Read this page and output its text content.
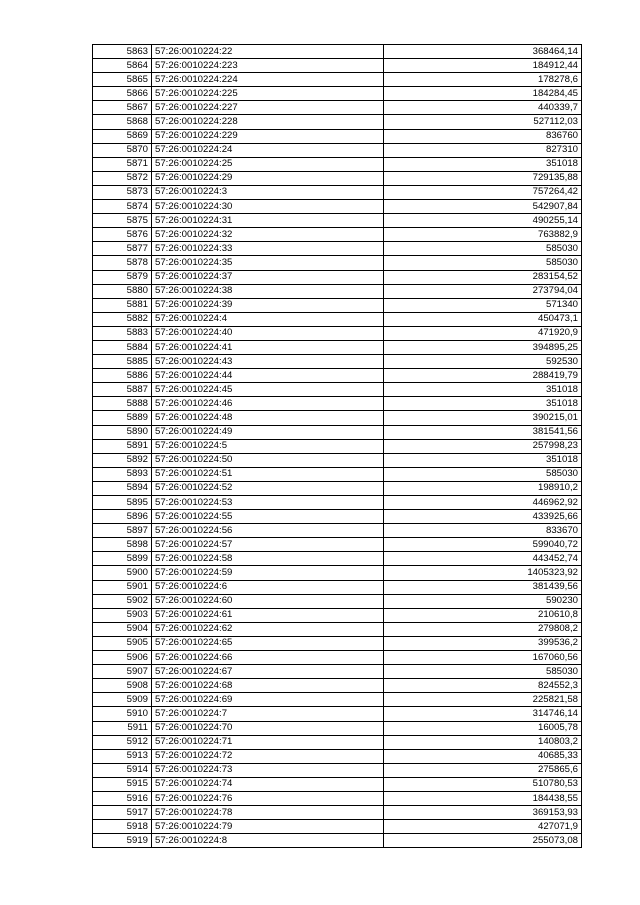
5863	57:26:0010224:22	368464,14
5864	57:26:0010224:223	184912,44
5865	57:26:0010224:224	178278,6
5866	57:26:0010224:225	184284,45
5867	57:26:0010224:227	440339,7
5868	57:26:0010224:228	527112,03
5869	57:26:0010224:229	836760
5870	57:26:0010224:24	827310
5871	57:26:0010224:25	351018
5872	57:26:0010224:29	729135,88
5873	57:26:0010224:3	757264,42
5874	57:26:0010224:30	542907,84
5875	57:26:0010224:31	490255,14
5876	57:26:0010224:32	763882,9
5877	57:26:0010224:33	585030
5878	57:26:0010224:35	585030
5879	57:26:0010224:37	283154,52
5880	57:26:0010224:38	273794,04
5881	57:26:0010224:39	571340
5882	57:26:0010224:4	450473,1
5883	57:26:0010224:40	471920,9
5884	57:26:0010224:41	394895,25
5885	57:26:0010224:43	592530
5886	57:26:0010224:44	288419,79
5887	57:26:0010224:45	351018
5888	57:26:0010224:46	351018
5889	57:26:0010224:48	390215,01
5890	57:26:0010224:49	381541,56
5891	57:26:0010224:5	257998,23
5892	57:26:0010224:50	351018
5893	57:26:0010224:51	585030
5894	57:26:0010224:52	198910,2
5895	57:26:0010224:53	446962,92
5896	57:26:0010224:55	433925,66
5897	57:26:0010224:56	833670
5898	57:26:0010224:57	599040,72
5899	57:26:0010224:58	443452,74
5900	57:26:0010224:59	1405323,92
5901	57:26:0010224:6	381439,56
5902	57:26:0010224:60	590230
5903	57:26:0010224:61	210610,8
5904	57:26:0010224:62	279808,2
5905	57:26:0010224:65	399536,2
5906	57:26:0010224:66	167060,56
5907	57:26:0010224:67	585030
5908	57:26:0010224:68	824552,3
5909	57:26:0010224:69	225821,58
5910	57:26:0010224:7	314746,14
5911	57:26:0010224:70	16005,78
5912	57:26:0010224:71	140803,2
5913	57:26:0010224:72	40685,33
5914	57:26:0010224:73	275865,6
5915	57:26:0010224:74	510780,53
5916	57:26:0010224:76	184438,55
5917	57:26:0010224:78	369153,93
5918	57:26:0010224:79	427071,9
5919	57:26:0010224:8	255073,08
